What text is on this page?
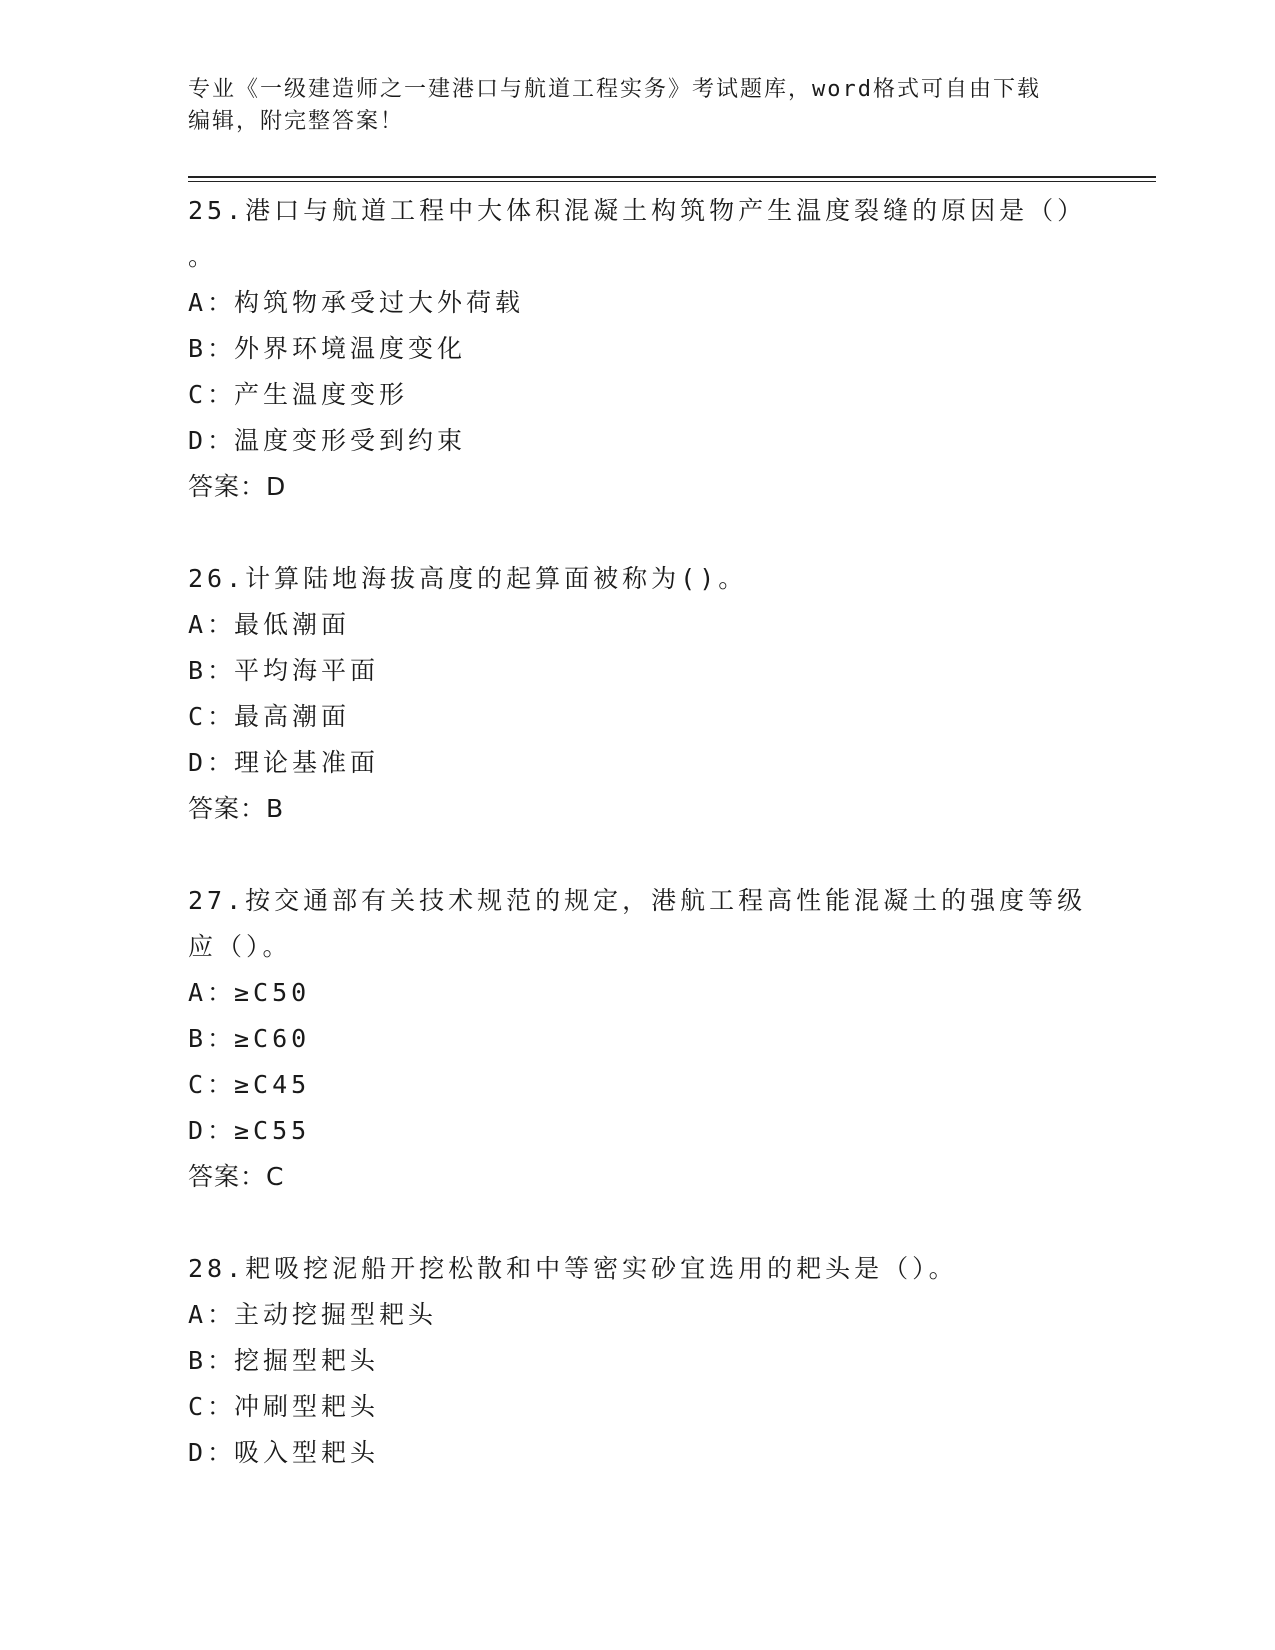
专业《一级建造师之一建港口与航道工程实务》考试题库，word格式可自由下载

编辑，附完整答案！

25.港口与航道工程中大体积混凝土构筑物产生温度裂缝的原因是（）

。

A：构筑物承受过大外荷载

B：外界环境温度变化

C：产生温度变形

D：温度变形受到约束

答案：D

26.计算陆地海拔高度的起算面被称为()。

A：最低潮面

B：平均海平面

C：最高潮面

D：理论基准面

答案：B

27.按交通部有关技术规范的规定，港航工程高性能混凝土的强度等级

应（）。

A：≥C50

B：≥C60

C：≥C45

D：≥C55

答案：C

28.耙吸挖泥船开挖松散和中等密实砂宜选用的耙头是（）。

A：主动挖掘型耙头

B：挖掘型耙头

C：冲刷型耙头

D：吸入型耙头
